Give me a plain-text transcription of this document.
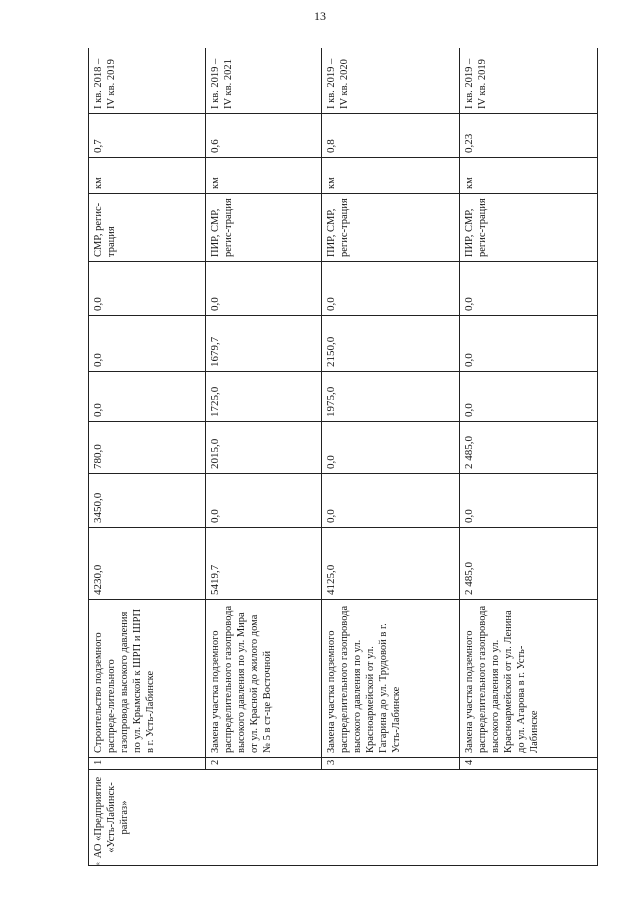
13
«
АО «Предприятие «Усть-Лабинск-райгаз»	1	Строительство подземного распреде-лительного газопровода высокого давления по ул. Крымской к ШРП и ШРП в г. Усть-Лабинске	4230,0	3450,0	780,0	0,0	0,0	0,0	СМР, регис-трация	км	0,7	I кв. 2018 – IV кв. 2019
	2	Замена участка подземного распределительного газопровода высокого давления по ул. Мира от ул. Красной до жилого дома № 5 в ст-це Восточной	5419,7	0,0	2015,0	1725,0	1679,7	0,0	ПИР, СМР, регис-трация	км	0,6	I кв. 2019 – IV кв. 2021
	3	Замена участка подземного распределительного газопровода высокого давления по ул. Красноармейской от ул. Гагарина до ул. Трудовой в г. Усть-Лабинске	4125,0	0,0	0,0	1975,0	2150,0	0,0	ПИР, СМР, регис-трация	км	0,8	I кв. 2019 – IV кв. 2020
	4	Замена участка подземного распределительного газопровода высокого давления по ул. Красноармейской от ул. Ленина до ул. Агарова в г. Усть-Лабинске	2 485,0	0,0	2 485,0	0,0	0,0	0,0	ПИР, СМР, регис-трация	км	0,23	I кв. 2019 – IV кв. 2019
